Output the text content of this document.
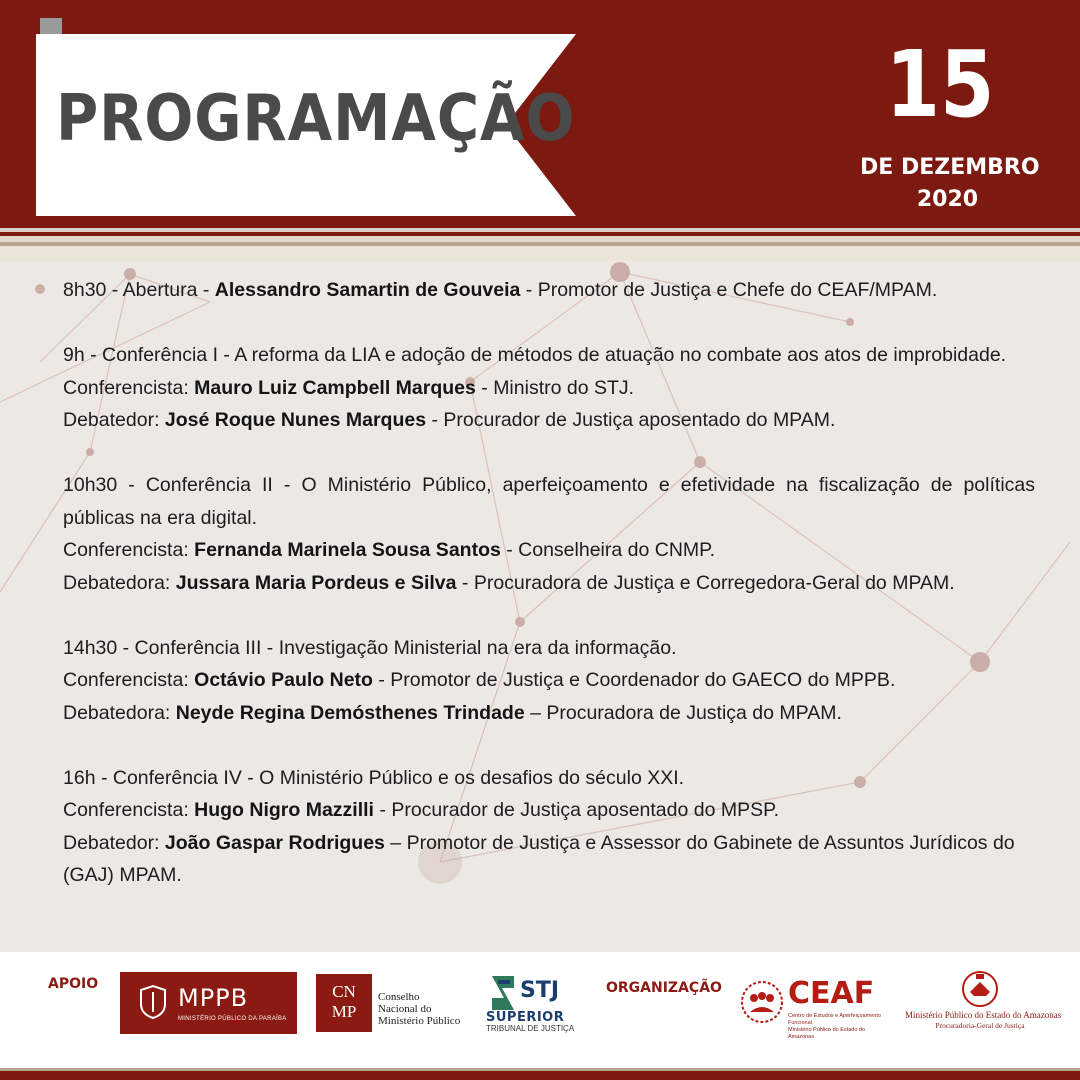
PROGRAMAÇÃO	15
DE DEZEMBRO
2020
8h30 - Abertura - Alessandro Samartin de Gouveia - Promotor de Justiça e Chefe do CEAF/MPAM.
9h - Conferência I - A reforma da LIA e adoção de métodos de atuação no combate aos atos de improbidade.
Conferencista: Mauro Luiz Campbell Marques - Ministro do STJ.
Debatedor: José Roque Nunes Marques - Procurador de Justiça aposentado do MPAM.
10h30 - Conferência II - O Ministério Público, aperfeiçoamento e efetividade na fiscalização de políticas
públicas na era digital.
Conferencista: Fernanda Marinela Sousa Santos - Conselheira do CNMP.
Debatedora: Jussara Maria Pordeus e Silva - Procuradora de Justiça e Corregedora-Geral do MPAM.
14h30 - Conferência III - Investigação Ministerial na era da informação.
Conferencista: Octávio Paulo Neto - Promotor de Justiça e Coordenador do GAECO do MPPB.
Debatedora: Neyde Regina Demósthenes Trindade – Procuradora de Justiça do MPAM.
16h - Conferência IV - O Ministério Público e os desafios do século XXI.
Conferencista: Hugo Nigro Mazzilli - Procurador de Justiça aposentado do MPSP.
Debatedor: João Gaspar Rodrigues – Promotor de Justiça e Assessor do Gabinete de Assuntos Jurídicos do
(GAJ) MPAM.
APOIO	ORGANIZAÇÃO
MPPB
MINISTÉRIO PÚBLICO DA PARAÍBA
CN
MP
Conselho
Nacional do
Ministério Público
STJ
SUPERIOR
TRIBUNAL DE JUSTIÇA
CEAF
Centro de Estudos e Aperfeiçoamento Funcional
Ministério Público do Estado do Amazonas
Ministério Público do Estado do Amazonas
Procuradoria-Geral de Justiça
